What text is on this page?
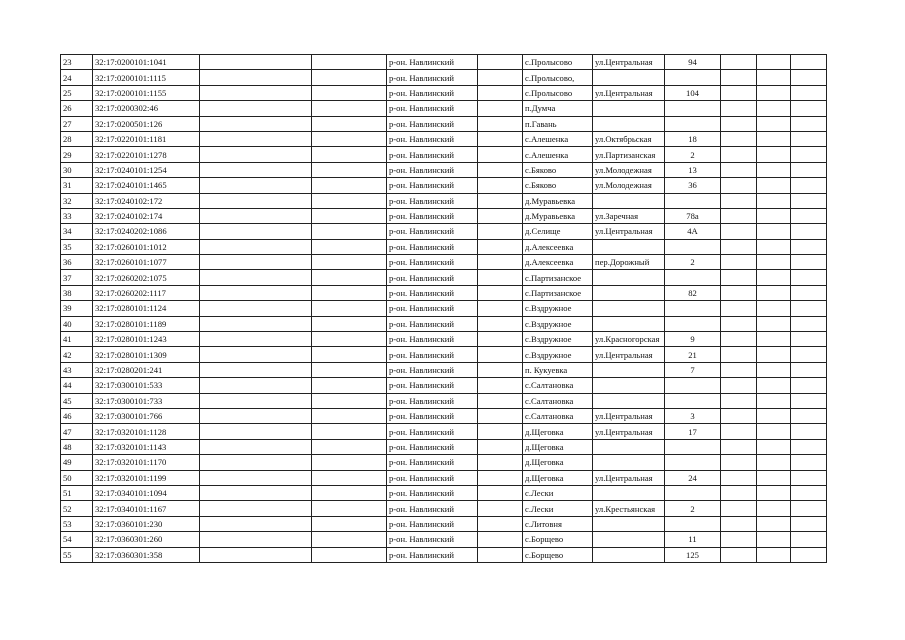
23	32:17:0200101:1041			р-он. Навлинский		с.Пролысово	ул.Центральная	94			
24	32:17:0200101:1115			р-он. Навлинский		с.Пролысово,					
25	32:17:0200101:1155			р-он. Навлинский		с.Пролысово	ул.Центральная	104			
26	32:17:0200302:46			р-он. Навлинский		п.Думча					
27	32:17:0200501:126			р-он. Навлинский		п.Гавань					
28	32:17:0220101:1181			р-он. Навлинский		с.Алешенка	ул.Октябрьская	18			
29	32:17:0220101:1278			р-он. Навлинский		с.Алешенка	ул.Партизанская	2			
30	32:17:0240101:1254			р-он. Навлинский		с.Бяково	ул.Молодежная	13			
31	32:17:0240101:1465			р-он. Навлинский		с.Бяково	ул.Молодежная	36			
32	32:17:0240102:172			р-он. Навлинский		д.Муравьевка					
33	32:17:0240102:174			р-он. Навлинский		д.Муравьевка	ул.Заречная	78а			
34	32:17:0240202:1086			р-он. Навлинский		д.Селище	ул.Центральная	4А			
35	32:17:0260101:1012			р-он. Навлинский		д.Алексеевка					
36	32:17:0260101:1077			р-он. Навлинский		д.Алексеевка	пер.Дорожный	2			
37	32:17:0260202:1075			р-он. Навлинский		с.Партизанское					
38	32:17:0260202:1117			р-он. Навлинский		с.Партизанское		82			
39	32:17:0280101:1124			р-он. Навлинский		с.Вздружное					
40	32:17:0280101:1189			р-он. Навлинский		с.Вздружное					
41	32:17:0280101:1243			р-он. Навлинский		с.Вздружное	ул.Красногорская	9			
42	32:17:0280101:1309			р-он. Навлинский		с.Вздружное	ул.Центральная	21			
43	32:17:0280201:241			р-он. Навлинский		п. Кукуевка		7			
44	32:17:0300101:533			р-он. Навлинский		с.Салтановка					
45	32:17:0300101:733			р-он. Навлинский		с.Салтановка					
46	32:17:0300101:766			р-он. Навлинский		с.Салтановка	ул.Центральная	3			
47	32:17:0320101:1128			р-он. Навлинский		д.Щеговка	ул.Центральная	17			
48	32:17:0320101:1143			р-он. Навлинский		д.Щеговка					
49	32:17:0320101:1170			р-он. Навлинский		д.Щеговка					
50	32:17:0320101:1199			р-он. Навлинский		д.Щеговка	ул.Центральная	24			
51	32:17:0340101:1094			р-он. Навлинский		с.Лески					
52	32:17:0340101:1167			р-он. Навлинский		с.Лески	ул.Крестьянская	2			
53	32:17:0360101:230			р-он. Навлинский		с.Литовня					
54	32:17:0360301:260			р-он. Навлинский		с.Борщево		11			
55	32:17:0360301:358			р-он. Навлинский		с.Борщево		125			
